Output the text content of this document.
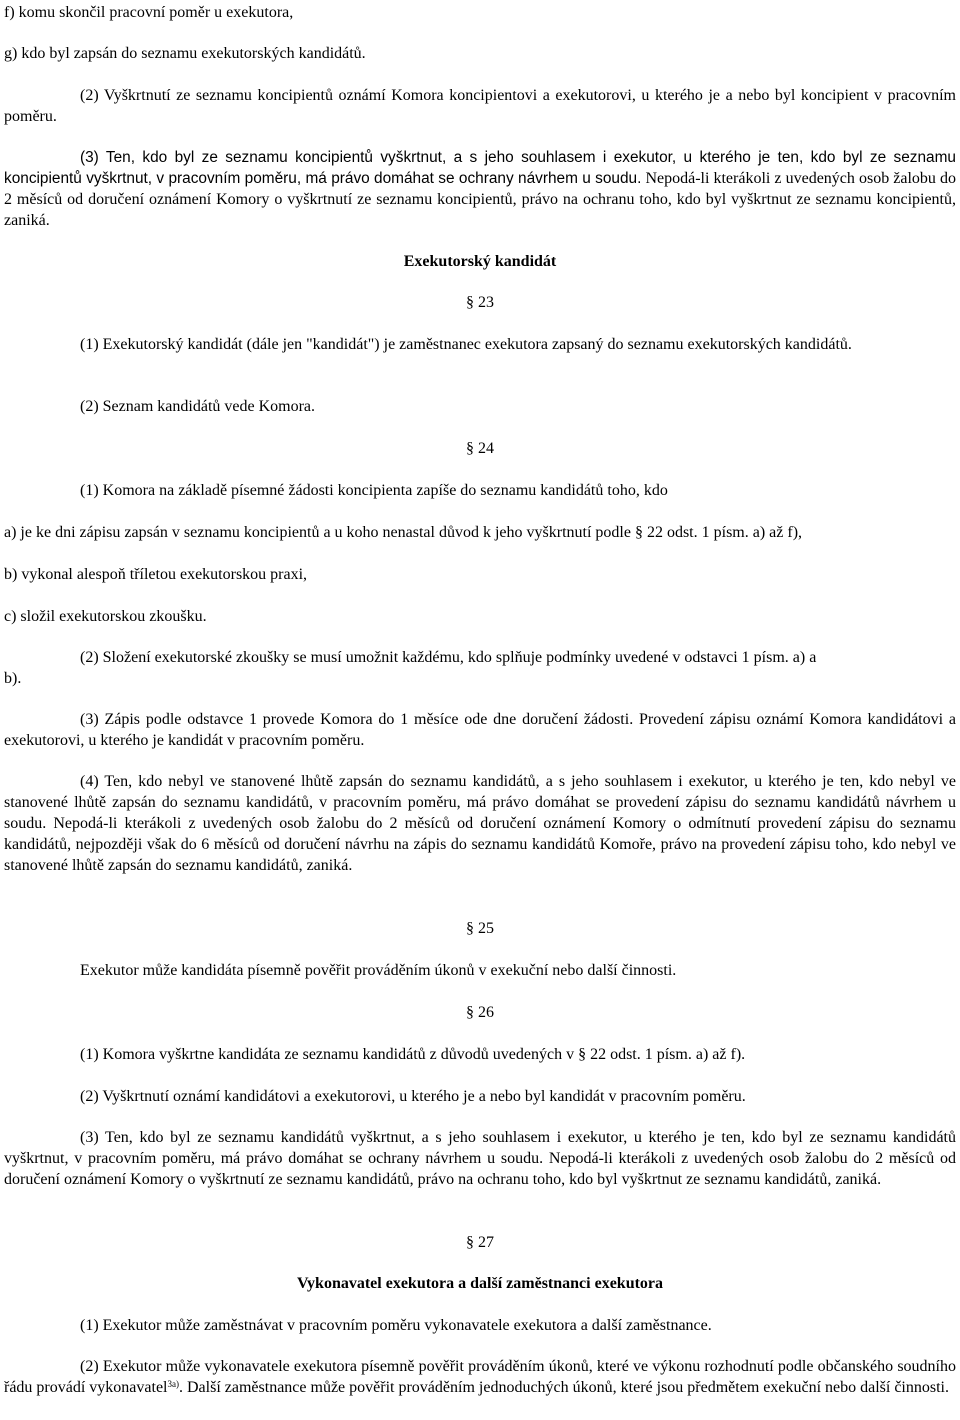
f) komu skončil pracovní poměr u exekutora,

g) kdo byl zapsán do seznamu exekutorských kandidátů.

(2) Vyškrtnutí ze seznamu koncipientů oznámí Komora koncipientovi a exekutorovi, u kterého je a nebo byl koncipient v pracovním poměru.

(3) Ten, kdo byl ze seznamu koncipientů vyškrtnut, a s jeho souhlasem i exekutor, u kterého je ten, kdo byl ze seznamu koncipientů vyškrtnut, v pracovním poměru, má právo domáhat se ochrany návrhem u soudu. Nepodá-li kterákoli z uvedených osob žalobu do 2 měsíců od doručení oznámení Komory o vyškrtnutí ze seznamu koncipientů, právo na ochranu toho, kdo byl vyškrtnut ze seznamu koncipientů, zaniká.

Exekutorský kandidát

§ 23

(1) Exekutorský kandidát (dále jen "kandidát") je zaměstnanec exekutora zapsaný do seznamu exekutorských kandidátů.

(2) Seznam kandidátů vede Komora.

§ 24

(1) Komora na základě písemné žádosti koncipienta zapíše do seznamu kandidátů toho, kdo

a) je ke dni zápisu zapsán v seznamu koncipientů a u koho nenastal důvod k jeho vyškrtnutí podle § 22 odst. 1 písm. a) až f),

b) vykonal alespoň tříletou exekutorskou praxi,

c) složil exekutorskou zkoušku.

(2) Složení exekutorské zkoušky se musí umožnit každému, kdo splňuje podmínky uvedené v odstavci 1 písm. a) a

b).

(3) Zápis podle odstavce 1 provede Komora do 1 měsíce ode dne doručení žádosti. Provedení zápisu oznámí Komora kandidátovi a exekutorovi, u kterého je kandidát v pracovním poměru.

(4) Ten, kdo nebyl ve stanovené lhůtě zapsán do seznamu kandidátů, a s jeho souhlasem i exekutor, u kterého je ten, kdo nebyl ve stanovené lhůtě zapsán do seznamu kandidátů, v pracovním poměru, má právo domáhat se provedení zápisu do seznamu kandidátů návrhem u soudu. Nepodá-li kterákoli z uvedených osob žalobu do 2 měsíců od doručení oznámení Komory o odmítnutí provedení zápisu do seznamu kandidátů, nejpozději však do 6 měsíců od doručení návrhu na zápis do seznamu kandidátů Komoře, právo na provedení zápisu toho, kdo nebyl ve stanovené lhůtě zapsán do seznamu kandidátů, zaniká.

§ 25

Exekutor může kandidáta písemně pověřit prováděním úkonů v exekuční nebo další činnosti.

§ 26

(1) Komora vyškrtne kandidáta ze seznamu kandidátů z důvodů uvedených v § 22 odst. 1 písm. a) až f).

(2) Vyškrtnutí oznámí kandidátovi a exekutorovi, u kterého je a nebo byl kandidát v pracovním poměru.

(3) Ten, kdo byl ze seznamu kandidátů vyškrtnut, a s jeho souhlasem i exekutor, u kterého je ten, kdo byl ze seznamu kandidátů vyškrtnut, v pracovním poměru, má právo domáhat se ochrany návrhem u soudu. Nepodá-li kterákoli z uvedených osob žalobu do 2 měsíců od doručení oznámení Komory o vyškrtnutí ze seznamu kandidátů, právo na ochranu toho, kdo byl vyškrtnut ze seznamu kandidátů, zaniká.

§ 27

Vykonavatel exekutora a další zaměstnanci exekutora

(1) Exekutor může zaměstnávat v pracovním poměru vykonavatele exekutora a další zaměstnance.

(2) Exekutor může vykonavatele exekutora písemně pověřit prováděním úkonů, které ve výkonu rozhodnutí podle občanského soudního řádu provádí vykonavatel$^{3a)}$. Další zaměstnance může pověřit prováděním jednoduchých úkonů, které jsou předmětem exekuční nebo další činnosti.
